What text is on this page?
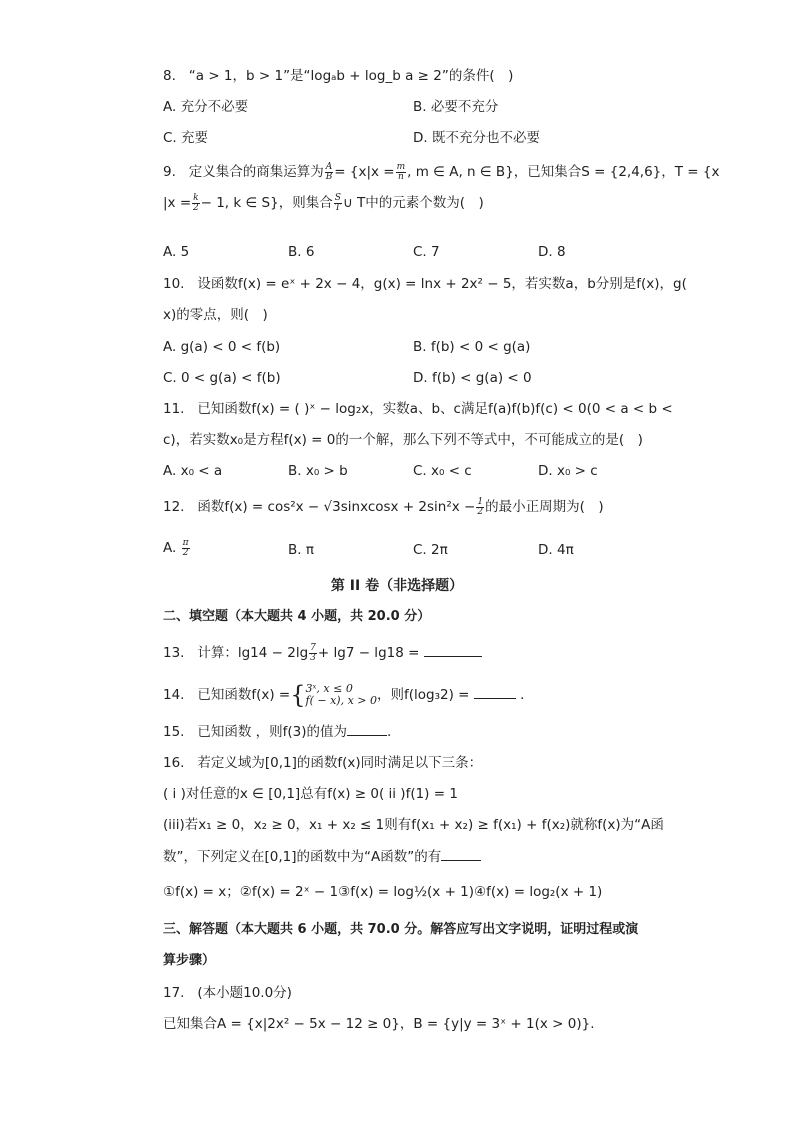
8. “a > 1，b > 1”是“logₐb + log_b a ≥ 2”的条件(　)
A. 充分不必要	B. 必要不充分
C. 充要	D. 既不充分也不必要
9. 定义集合的商集运算为 $\frac{A}{B} = \{x|x = \frac{m}{n}$ , m ∈ A, n ∈ B}，已知集合S = {2,4,6}，T = {x
$|x = \frac{k}{2} - 1$, k ∈ S}，则集合 $\frac{S}{T}$ ∪ T中的元素个数为(　)
A. 5	B. 6	C. 7	D. 8
10. 设函数f(x) = eˣ + 2x − 4，g(x) = lnx + 2x² − 5，若实数a，b分别是f(x)，g(
x)的零点，则(　)
A. g(a) < 0 < f(b)	B. f(b) < 0 < g(a)
C. 0 < g(a) < f(b)	D. f(b) < g(a) < 0
11. 已知函数f(x) = ( )ˣ − log₂x，实数a、b、c满足f(a)f(b)f(c) < 0(0 < a < b <
c)，若实数x₀是方程f(x) = 0的一个解，那么下列不等式中，不可能成立的是(　)
A. x₀ < a	B. x₀ > b	C. x₀ < c	D. x₀ > c
12. 函数f(x) = cos²x − √3sinxcosx + $2\sin^2x - \frac{1}{2}$ 的最小正周期为(　)
A. $\frac{\pi}{2}$	B. π	C. 2π	D. 4π
第 II 卷（非选择题）
二、填空题（本大题共 4 小题，共 20.0 分）
13. 计算：$\lg 14 - 2\lg \frac{7}{3} + \lg 7 - \lg 18$ =
14. 已知函数f(x) ={ 3ˣ, x ≤ 0
f( − x), x > 0 ，则f(log₃2) =	.
15. 已知函数 ，则f(3)的值为	.
16. 若定义域为[0,1]的函数f(x)同时满足以下三条：
( i )对任意的x ∈ [0,1]总有f(x) ≥ 0( ii )f(1) = 1
(iii)若x₁ ≥ 0，x₂ ≥ 0，x₁ + x₂ ≤ 1则有f(x₁ + x₂) ≥ f(x₁) + f(x₂)就称f(x)为“A函
数”，下列定义在[0,1]的函数中为“A函数”的有
①f(x) = x；②f(x) = 2ˣ − 1③f(x) = log½(x + 1)④f(x) = log₂(x + 1)
三、解答题（本大题共 6 小题，共 70.0 分。解答应写出文字说明，证明过程或演
算步骤）
17. (本小题10.0分)
已知集合A = {x|2x² − 5x − 12 ≥ 0}，B = {y|y = 3ˣ + 1(x > 0)}.
